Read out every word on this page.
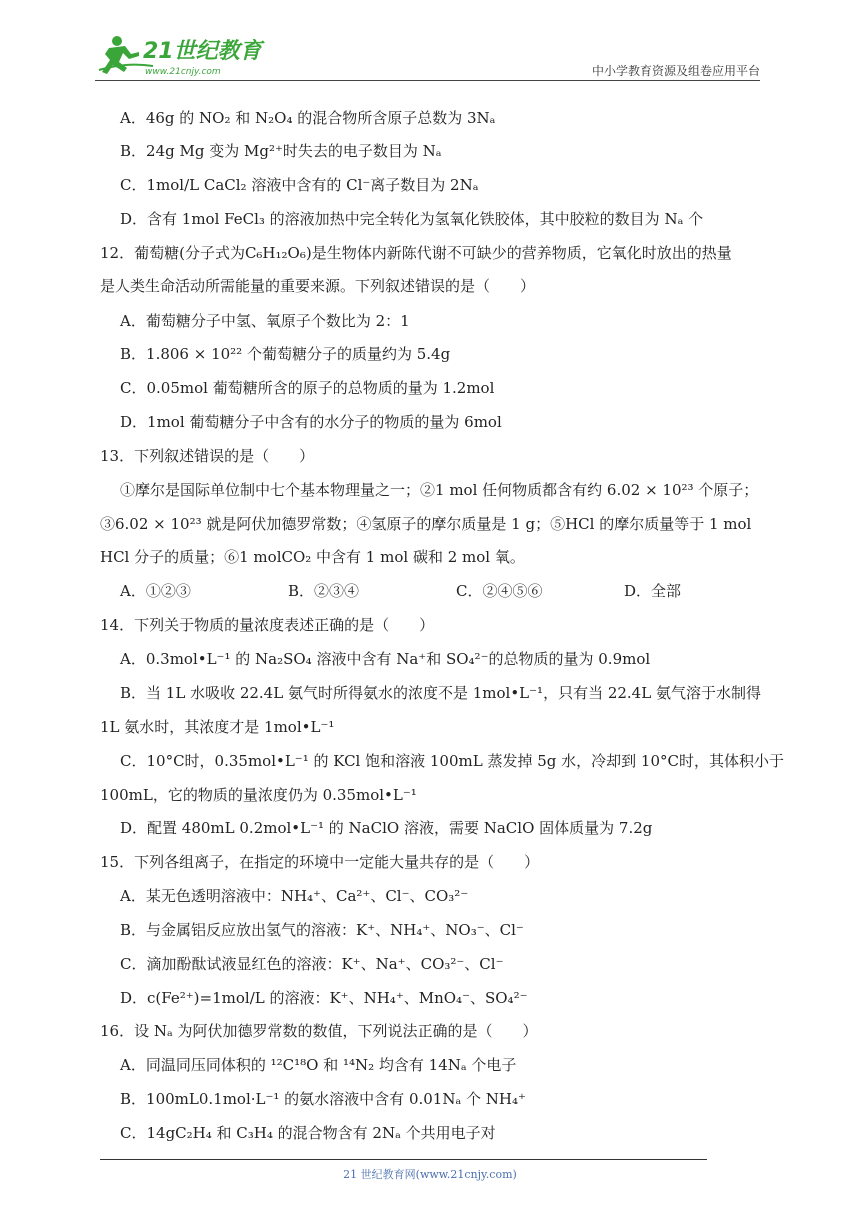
21世纪教育
www.21cnjy.com	中小学教育资源及组卷应用平台
A．46g 的 NO₂ 和 N₂O₄ 的混合物所含原子总数为 3Nₐ
B．24g Mg 变为 Mg²⁺时失去的电子数目为 Nₐ
C．1mol/L CaCl₂ 溶液中含有的 Cl⁻离子数目为 2Nₐ
D．含有 1mol FeCl₃ 的溶液加热中完全转化为氢氧化铁胶体，其中胶粒的数目为 Nₐ 个
12．葡萄糖(分子式为C₆H₁₂O₆)是生物体内新陈代谢不可缺少的营养物质，它氧化时放出的热量
是人类生命活动所需能量的重要来源。下列叙述错误的是（　　）
A．葡萄糖分子中氢、氧原子个数比为 2：1
B．1.806 × 10²² 个葡萄糖分子的质量约为 5.4g
C．0.05mol 葡萄糖所含的原子的总物质的量为 1.2mol
D．1mol 葡萄糖分子中含有的水分子的物质的量为 6mol
13．下列叙述错误的是（　　）
①摩尔是国际单位制中七个基本物理量之一；②1 mol 任何物质都含有约 6.02 × 10²³ 个原子；
③6.02 × 10²³ 就是阿伏加德罗常数；④氢原子的摩尔质量是 1 g；⑤HCl 的摩尔质量等于 1 mol
HCl 分子的质量；⑥1 molCO₂ 中含有 1 mol 碳和 2 mol 氧。
A．①②③	B．②③④	C．②④⑤⑥	D．全部
14．下列关于物质的量浓度表述正确的是（　　）
A．0.3mol•L⁻¹ 的 Na₂SO₄ 溶液中含有 Na⁺和 SO₄²⁻的总物质的量为 0.9mol
B．当 1L 水吸收 22.4L 氨气时所得氨水的浓度不是 1mol•L⁻¹，只有当 22.4L 氨气溶于水制得
1L 氨水时，其浓度才是 1mol•L⁻¹
C．10°C时，0.35mol•L⁻¹ 的 KCl 饱和溶液 100mL 蒸发掉 5g 水，冷却到 10°C时，其体积小于
100mL，它的物质的量浓度仍为 0.35mol•L⁻¹
D．配置 480mL 0.2mol•L⁻¹ 的 NaClO 溶液，需要 NaClO 固体质量为 7.2g
15．下列各组离子，在指定的环境中一定能大量共存的是（　　）
A．某无色透明溶液中：NH₄⁺、Ca²⁺、Cl⁻、CO₃²⁻
B．与金属铝反应放出氢气的溶液：K⁺、NH₄⁺、NO₃⁻、Cl⁻
C．滴加酚酞试液显红色的溶液：K⁺、Na⁺、CO₃²⁻、Cl⁻
D．c(Fe²⁺)=1mol/L 的溶液：K⁺、NH₄⁺、MnO₄⁻、SO₄²⁻
16．设 Nₐ 为阿伏加德罗常数的数值，下列说法正确的是（　　）
A．同温同压同体积的 ¹²C¹⁸O 和 ¹⁴N₂ 均含有 14Nₐ 个电子
B．100mL0.1mol·L⁻¹ 的氨水溶液中含有 0.01Nₐ 个 NH₄⁺
C．14gC₂H₄ 和 C₃H₄ 的混合物含有 2Nₐ 个共用电子对
21 世纪教育网(www.21cnjy.com)
